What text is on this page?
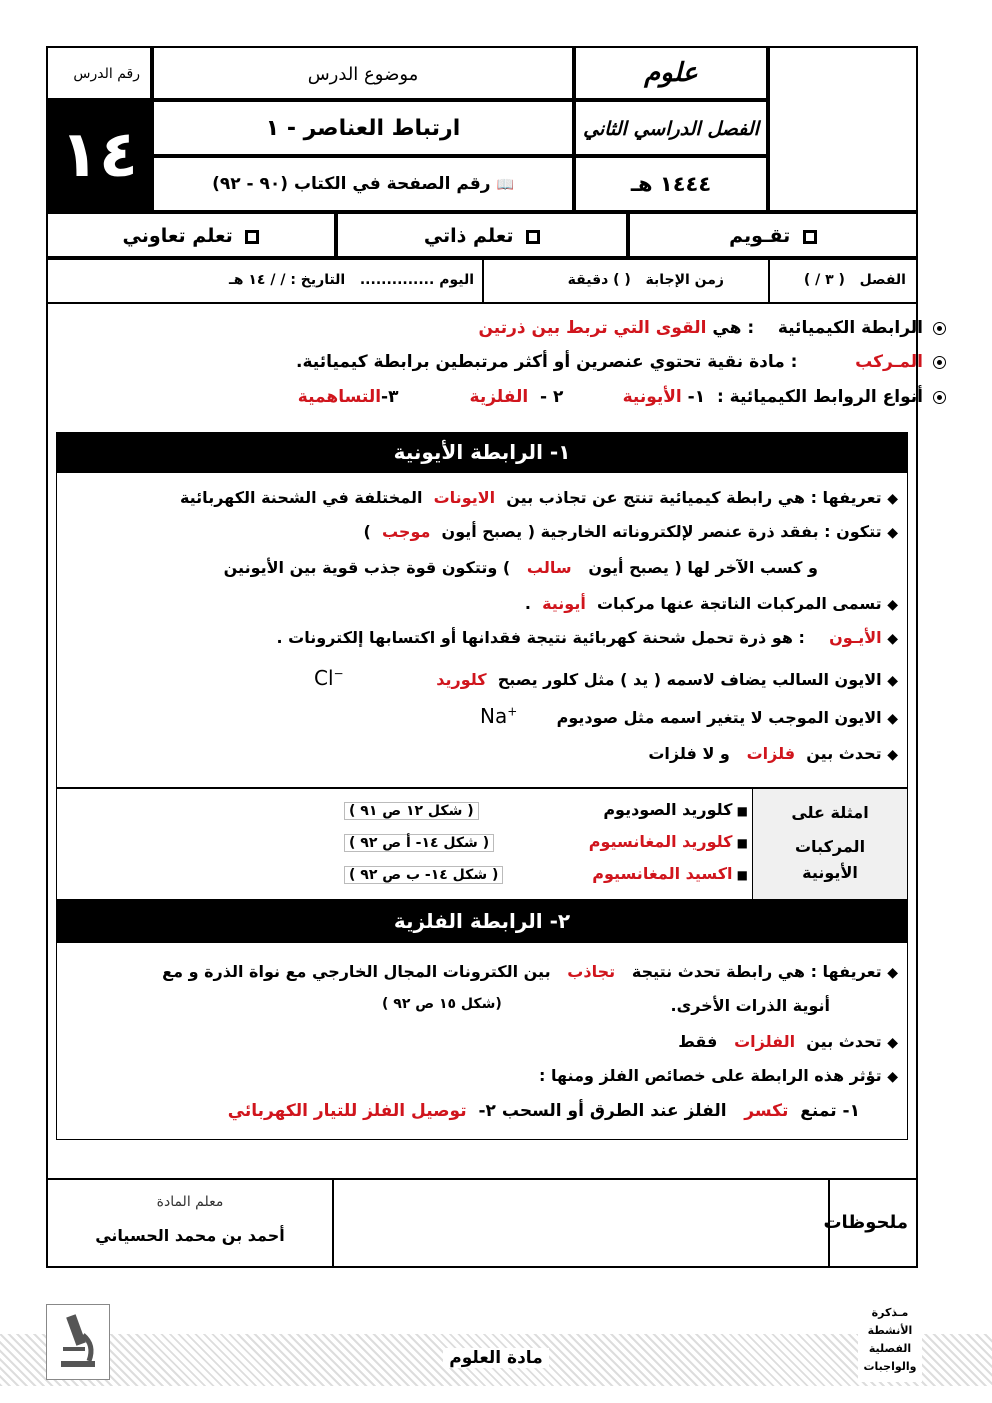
رقم الدرس
١٤
موضوع الدرس
ارتباط العناصر - ١
📖 رقم الصفحة في الكتاب (٩٠ - ٩٢)
علوم
الفصل الدراسي الثاني
١٤٤٤ هـ
تعلم تعاوني	تعلم ذاتي	تقـويم
الفصل   ( ٣ / )
زمن الإجابة   ( ) دقيقة
اليوم ..............   التاريخ : / / ١٤ هـ
الرابطة الكيميائية    : هي القوى التي تربط بين ذرتين
المـركب      : مادة نقية تحتوي عنصرين أو أكثر مرتبطين برابطة كيميائية.
أنواع الروابط الكيميائية :  ١- الأيونية          ٢ -  الفلزية            ٣-التساهمية
١- الرابطة الأيونية
◆ تعريفها : هي رابطة كيميائية تنتج عن تجاذب بين  الايونات  المختلفة في الشحنة الكهربائية
◆ تتكون : بفقد ذرة عنصر لإلكتروناته الخارجية ( يصبح أيون  موجب  )
و كسب الآخر لها ( يصبح أيون   سالب   ) وتتكون قوة جذب قوية بين الأيونين
◆ تسمى المركبات الناتجة عنها مركبات  أيونية  .
◆ الأيـون   : هو ذرة تحمل شحنة كهربائية نتيجة فقدانها أو اكتسابها إلكترونات .
◆ الايون السالب يضاف لاسمه ( يد ) مثل كلور يصبح  كلوريد
Cl−
◆ الايون الموجب لا يتغير اسمه مثل صوديوم
Na+
◆ تحدث بين  فلزات   و لا فلزات
امثلة على
المركبات
الأيونية
■ كلوريد الصوديوم
( شكل ١٢ ص ٩١ )
■ كلوريد المغانسيوم
( شكل ١٤- أ ص ٩٢ )
■ اكسيد المغانسيوم
( شكل ١٤- ب ص ٩٢ )
٢- الرابطة الفلزية
◆ تعريفها : هي رابطة تحدث نتيجة   تجاذب   بين الكترونات المجال الخارجي مع نواة الذرة و مع
أنوية الذرات الأخرى.
(شكل ١٥ ص ٩٢ )
◆ تحدث بين  الفلزات   فقط
◆ تؤثر هذه الرابطة على خصائص الفلز ومنها :
١- تمنع  تكسر   الفلز عند الطرق أو السحب ٢-  توصيل الفلز للتيار الكهربائي
ملحوظات
معلم المادة
أحمد بن محمد الحسياني
مادة العلوم
مـذكرة
الأنشطة
الفصلية
والواجبات
